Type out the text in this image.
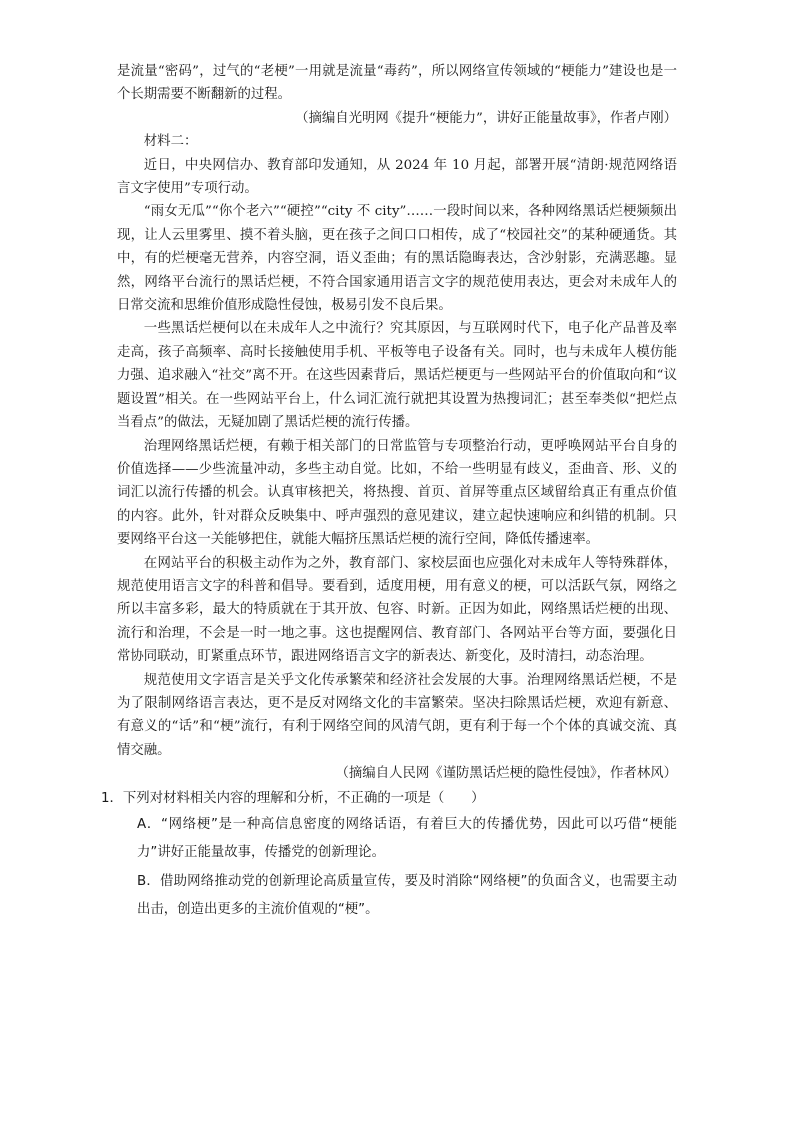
是流量“密码”，过气的“老梗”一用就是流量“毒药”，所以网络宣传领域的“梗能力”建设也是一个长期需要不断翻新的过程。

（摘编自光明网《提升“梗能力”，讲好正能量故事》，作者卢刚）

材料二：

近日，中央网信办、教育部印发通知，从 2024 年 10 月起，部署开展“清朗·规范网络语言文字使用”专项行动。

“雨女无瓜”“你个老六”“硬控”“city 不 city”……一段时间以来，各种网络黑话烂梗频频出现，让人云里雾里、摸不着头脑，更在孩子之间口口相传，成了“校园社交”的某种硬通货。其中，有的烂梗毫无营养，内容空洞，语义歪曲；有的黑话隐晦表达，含沙射影，充满恶趣。显然，网络平台流行的黑话烂梗，不符合国家通用语言文字的规范使用表达，更会对未成年人的日常交流和思维价值形成隐性侵蚀，极易引发不良后果。

一些黑话烂梗何以在未成年人之中流行？究其原因，与互联网时代下，电子化产品普及率走高，孩子高频率、高时长接触使用手机、平板等电子设备有关。同时，也与未成年人模仿能力强、追求融入“社交”离不开。在这些因素背后，黑话烂梗更与一些网站平台的价值取向和“议题设置”相关。在一些网站平台上，什么词汇流行就把其设置为热搜词汇；甚至奉类似“把烂点当看点”的做法，无疑加剧了黑话烂梗的流行传播。

治理网络黑话烂梗，有赖于相关部门的日常监管与专项整治行动，更呼唤网站平台自身的价值选择——少些流量冲动，多些主动自觉。比如，不给一些明显有歧义，歪曲音、形、义的词汇以流行传播的机会。认真审核把关，将热搜、首页、首屏等重点区域留给真正有重点价值的内容。此外，针对群众反映集中、呼声强烈的意见建议，建立起快速响应和纠错的机制。只要网络平台这一关能够把住，就能大幅挤压黑话烂梗的流行空间，降低传播速率。

在网站平台的积极主动作为之外，教育部门、家校层面也应强化对未成年人等特殊群体，规范使用语言文字的科普和倡导。要看到，适度用梗，用有意义的梗，可以活跃气氛，网络之所以丰富多彩，最大的特质就在于其开放、包容、时新。正因为如此，网络黑话烂梗的出现、流行和治理，不会是一时一地之事。这也提醒网信、教育部门、各网站平台等方面，要强化日常协同联动，盯紧重点环节，跟进网络语言文字的新表达、新变化，及时清扫，动态治理。

规范使用文字语言是关乎文化传承繁荣和经济社会发展的大事。治理网络黑话烂梗，不是为了限制网络语言表达，更不是反对网络文化的丰富繁荣。坚决扫除黑话烂梗，欢迎有新意、有意义的“话”和“梗”流行，有利于网络空间的风清气朗，更有利于每一个个体的真诚交流、真情交融。

（摘编自人民网《谨防黑话烂梗的隐性侵蚀》，作者林风）

1．下列对材料相关内容的理解和分析，不正确的一项是（　　）

A．“网络梗”是一种高信息密度的网络话语，有着巨大的传播优势，因此可以巧借“梗能力”讲好正能量故事，传播党的创新理论。

B．借助网络推动党的创新理论高质量宣传，要及时消除“网络梗”的负面含义，也需要主动出击，创造出更多的主流价值观的“梗”。
